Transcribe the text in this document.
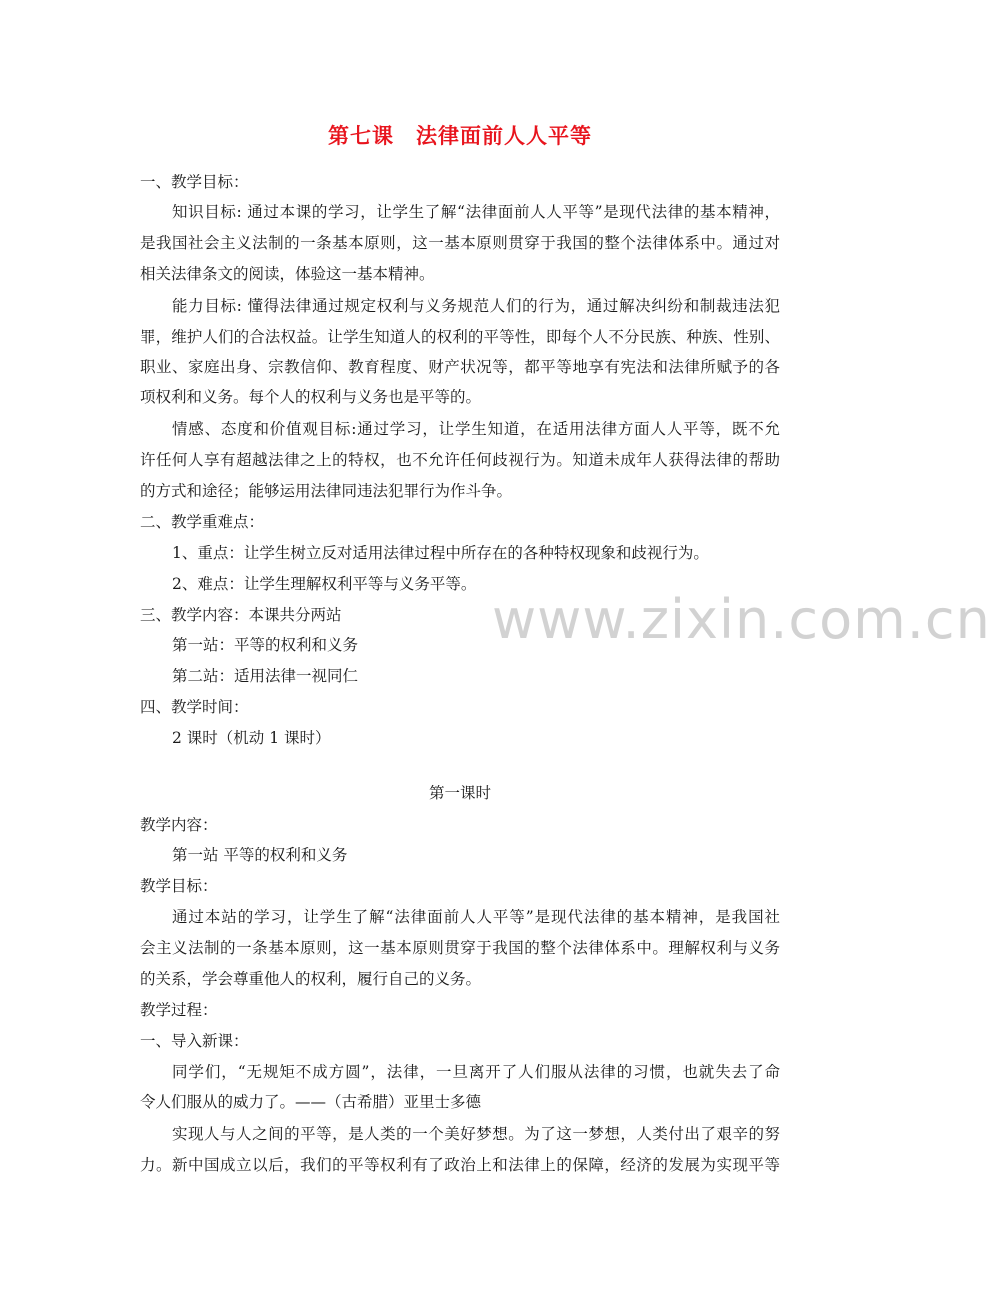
第七课 法律面前人人平等
www.zixin.com.cn
一、教学目标：
知识目标: 通过本课的学习，让学生了解“法律面前人人平等”是现代法律的基本精神，
是我国社会主义法制的一条基本原则，这一基本原则贯穿于我国的整个法律体系中。通过对
相关法律条文的阅读，体验这一基本精神。
能力目标: 懂得法律通过规定权利与义务规范人们的行为，通过解决纠纷和制裁违法犯
罪，维护人们的合法权益。让学生知道人的权利的平等性，即每个人不分民族、种族、性别、
职业、家庭出身、宗教信仰、教育程度、财产状况等，都平等地享有宪法和法律所赋予的各
项权利和义务。每个人的权利与义务也是平等的。
情感、态度和价值观目标:通过学习，让学生知道，在适用法律方面人人平等，既不允
许任何人享有超越法律之上的特权，也不允许任何歧视行为。知道未成年人获得法律的帮助
的方式和途径；能够运用法律同违法犯罪行为作斗争。
二、教学重难点：
1、重点：让学生树立反对适用法律过程中所存在的各种特权现象和歧视行为。
2、难点：让学生理解权利平等与义务平等。
三、教学内容：本课共分两站
第一站：平等的权利和义务
第二站：适用法律一视同仁
四、教学时间：
2 课时（机动 1 课时）
第一课时
教学内容：
第一站 平等的权利和义务
教学目标：
通过本站的学习，让学生了解“法律面前人人平等”是现代法律的基本精神，是我国社
会主义法制的一条基本原则，这一基本原则贯穿于我国的整个法律体系中。理解权利与义务
的关系，学会尊重他人的权利，履行自己的义务。
教学过程：
一、导入新课：
同学们，“无规矩不成方圆”，法律，一旦离开了人们服从法律的习惯，也就失去了命
令人们服从的威力了。——（古希腊）亚里士多德
实现人与人之间的平等，是人类的一个美好梦想。为了这一梦想，人类付出了艰辛的努
力。新中国成立以后，我们的平等权利有了政治上和法律上的保障，经济的发展为实现平等
